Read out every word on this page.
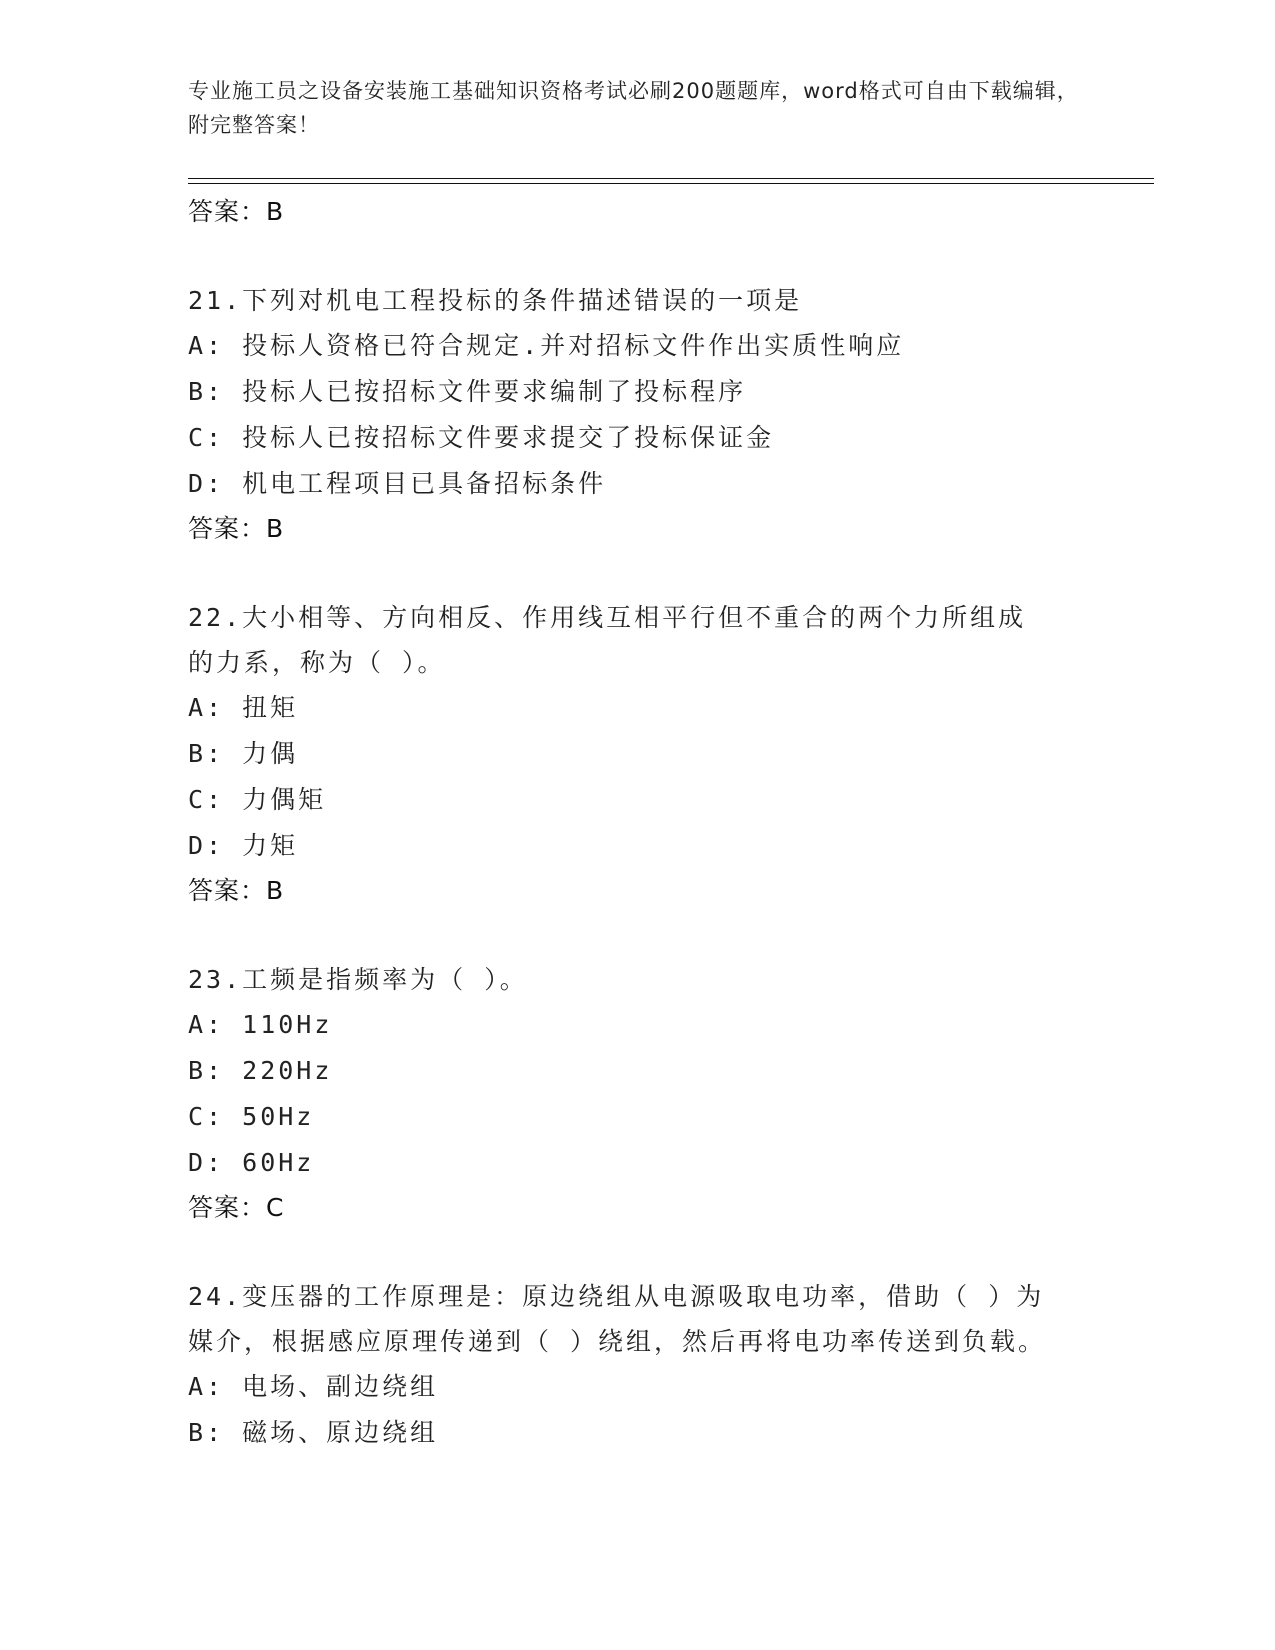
专业施工员之设备安装施工基础知识资格考试必刷200题题库，word格式可自由下载编辑，附完整答案！
答案：B
21.下列对机电工程投标的条件描述错误的一项是
A: 投标人资格已符合规定.并对招标文件作出实质性响应
B: 投标人已按招标文件要求编制了投标程序
C: 投标人已按招标文件要求提交了投标保证金
D: 机电工程项目已具备招标条件
答案：B
22.大小相等、方向相反、作用线互相平行但不重合的两个力所组成的力系，称为（ ）。
A: 扭矩
B: 力偶
C: 力偶矩
D: 力矩
答案：B
23.工频是指频率为（ ）。
A: 110Hz
B: 220Hz
C: 50Hz
D: 60Hz
答案：C
24.变压器的工作原理是：原边绕组从电源吸取电功率，借助（ ）为媒介，根据感应原理传递到（ ）绕组，然后再将电功率传送到负载。
A: 电场、副边绕组
B: 磁场、原边绕组
